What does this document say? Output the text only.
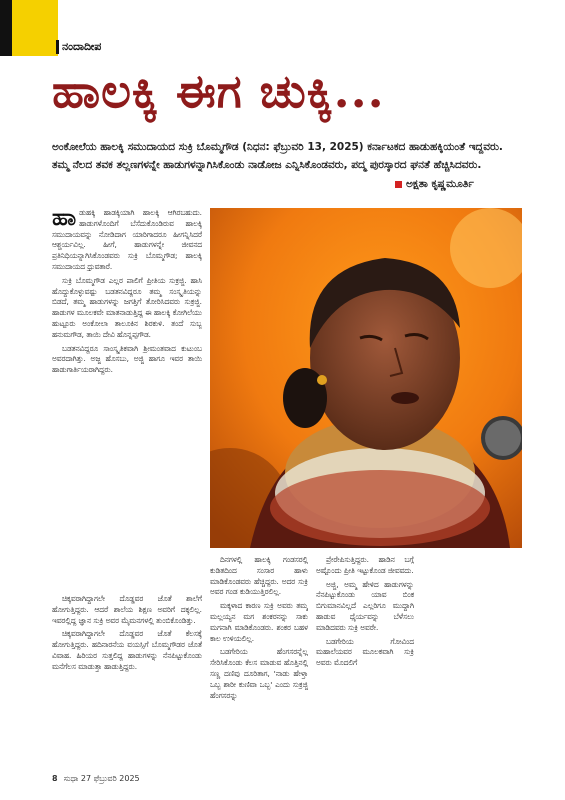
ನಂದಾದೀಪ
ಹಾಲಕ್ಕಿ ಈಗ ಚುಕ್ಕಿ...

ಅಂಕೋಲೆಯ ಹಾಲಕ್ಕಿ ಸಮುದಾಯದ ಸುಕ್ರಿ ಬೊಮ್ಮಗೌಡ (ನಿಧನ: ಫೆಬ್ರುವರಿ 13, 2025) ಕರ್ನಾಟಕದ ಹಾಡುಹಕ್ಕಿಯಂತೆ ಇದ್ದವರು. ತಮ್ಮ ನೆಲದ ತವಕ ತಲ್ಲಣಗಳನ್ನೇ ಹಾಡುಗಳನ್ನಾಗಿಸಿಕೊಂಡು ನಾಡೋಜ ಎನ್ನಿಸಿಕೊಂಡವರು, ಪದ್ಮ ಪುರಸ್ಕಾರದ ಘನತೆ ಹೆಚ್ಚಿಸಿದವರು.

ಅಕ್ಷತಾ ಕೃಷ್ಣಮೂರ್ತಿ

ಹಾಡುಹಕ್ಕಿ ಹಾಡಕ್ಕಿಯಾಗಿ ಹಾಲಕ್ಕಿ ಆಗಿರಬಹುದು. ಹಾಡುಗಳೊಂದಿಗೆ ಬೆಸೆದುಕೊಂಡಿರುವ ಹಾಲಕ್ಕಿ ಸಮುದಾಯವನ್ನು ನೋಡಿದಾಗ ಯಾರಿಗಾದರೂ ಹೀಗನ್ನಿಸಿದರೆ ಆಶ್ಚರ್ಯವಿಲ್ಲ. ಹೀಗೆ, ಹಾಡುಗಳನ್ನೇ ಜೀವನದ ಪ್ರತಿನಿಧಿಯನ್ನಾಗಿಸಿಕೊಂಡವರು ಸುಕ್ರಿ ಬೊಮ್ಮಗೌಡ; ಹಾಲಕ್ಕಿ ಸಮುದಾಯದ ಧ್ರುವತಾರೆ.

ಸುಕ್ರಿ ಬೊಮ್ಮಗೌಡ ಎಲ್ಲರ ಪಾಲಿಗೆ ಪ್ರೀತಿಯ ಸುಕ್ರಜ್ಜಿ. ಹಾಸಿ ಹೊದ್ದುಕೊಳ್ಳುವಷ್ಟು ಬಡತನವಿದ್ದರೂ ತಮ್ಮ ಸಂಸ್ಕೃತಿಯನ್ನು ಬಿಡದೆ, ತಮ್ಮ ಹಾಡುಗಳನ್ನು ಜಗತ್ತಿಗೆ ತೋರಿಸಿದವರು ಸುಕ್ರಜ್ಜಿ. ಹಾಡುಗಳ ಮೂಲಕವೇ ಮಾತನಾಡುತ್ತಿದ್ದ ಈ ಹಾಲಕ್ಕಿ ಕೋಗಿಲೆಯು ಹುಟ್ಟೂರು ಅಂಕೋಲಾ ತಾಲೂಕಿನ ಶಿರಕುಳಿ. ತಂದೆ ಸುಬ್ಬ ಹನುಮಗೌಡ, ತಾಯಿ ದೇವಿ ಹೊನ್ನಪ್ಪಗೌಡ.

ಬಡತನವಿದ್ದರೂ ಸಾಂಸ್ಕೃತಿಕವಾಗಿ ಶ್ರೀಮಂತವಾದ ಕುಟುಂಬ ಅವರದಾಗಿತ್ತು. ಅಜ್ಜ ಹೊಸಬು, ಅಜ್ಜಿ ಹಾಗೂ ಇವರ ತಾಯಿ ಹಾಡುಗಾರ್ತಿಯರಾಗಿದ್ದರು.

ಚಿಕ್ಕವರಾಗಿದ್ದಾಗಲೇ ದೊಡ್ಡವರ ಜೊತೆ ಶಾಲೆಗೆ ಹೋಗುತ್ತಿದ್ದರು. ಆದರೆ ಶಾಲೆಯ ಶಿಕ್ಷಣ ಅವರಿಗೆ ದಕ್ಕಲಿಲ್ಲ. ಇವರಲ್ಲಿದ್ದ ಜ್ಞಾನ ಸುಕ್ರಿ ಅವರ ಮೈಮನಗಳಲ್ಲಿ ತುಂಬಿಕೊಂಡಿತ್ತು.

ಚಿಕ್ಕವರಾಗಿದ್ದಾಗಲೇ ದೊಡ್ಡವರ ಜೊತೆ ಕೆಲಸಕ್ಕೆ ಹೋಗುತ್ತಿದ್ದರು. ಹದಿನಾರನೆಯ ವಯಸ್ಸಿಗೆ ಬೊಮ್ಮಗೌಡರ ಜೊತೆ ವಿವಾಹ. ಹಿರಿಯರ ಸುತ್ತಲಿದ್ದ ಹಾಡುಗಳನ್ನು ನೆನಪಿಟ್ಟುಕೊಂಡು ಮನೆಗೆಲಸ ಮಾಡುತ್ತಾ ಹಾಡುತ್ತಿದ್ದರು.

ದಿನಗಳಲ್ಲಿ ಹಾಲಕ್ಕಿ ಗಂಡಸರಲ್ಲಿ ಕುಡಿತದಿಂದ ಸಂಸಾರ ಹಾಳು ಮಾಡಿಕೊಂಡವರು ಹೆಚ್ಚಿದ್ದರು. ಅದರ ಸುಕ್ರಿ ಅವರ ಗಂಡ ಕುಡಿಯುತ್ತಿರಲಿಲ್ಲ.

ಮಕ್ಕಳಾದ ಕಾರಣ ಸುಕ್ರಿ ಅವರು ತಮ್ಮ ಮಲ್ಲಯ್ಯನ ಮಗ ಶಂಕರನನ್ನು ಸಾಕು ಮಗನಾಗಿ ಮಾಡಿಕೊಂಡರು. ಶಂಕರ ಬಹಳ ಕಾಲ ಉಳಿಯಲಿಲ್ಲ.

ಬಡಗೇರಿಯ ಹೆಂಗಸರನ್ನೆಲ್ಲ ಸೇರಿಸಿಕೊಂಡು ಕೆಲಸ ಮಾಡುವ ಹೊತ್ತಿನಲ್ಲಿ ಸಣ್ಣ ದಣಿವು ದೂರಿತಾಗ, 'ನಾಡು ಹೇಳ್ತಾ ಒಬ್ಬ ಶಾರೀ ಕುಣಿವಾ ಒಬ್ಬ' ಎಂದು ಸುಕ್ರಜ್ಜಿ ಹೆಂಗಸರನ್ನು

ಪ್ರೇರೇಪಿಸುತ್ತಿದ್ದರು. ಹಾಡಿನ ಬಗ್ಗೆ ಅಷ್ಟೊಂದು ಪ್ರೀತಿ ಇಟ್ಟುಕೊಂಡ ಜೀವವದು.

ಅಜ್ಜಿ, ಅಮ್ಮ ಹೇಳಿದ ಹಾಡುಗಳನ್ನು ನೆನಪಿಟ್ಟುಕೊಂಡು ಯಾವ ಬಿಂಕ ಬಿಗುಮಾನವಿಲ್ಲದೆ ಎಲ್ಲರಿಗೂ ಮುದ್ದಾಗಿ ಹಾಡುವ ಧೈರ್ಯವನ್ನು ಬೆಳೆಸಲು ಮಾಡಿದವರು ಸುಕ್ರಿ ಅವರೇ.

ಬಡಗೇರಿಯ ಗೋವಿಂದ ಮಹಾಲೆಯವರ ಮೂಲಕವಾಗಿ ಸುಕ್ರಿ ಅವರು ಮೊದಲಿಗೆ

8 ಸುಧಾ 27 ಫೆಬ್ರುವರಿ 2025
